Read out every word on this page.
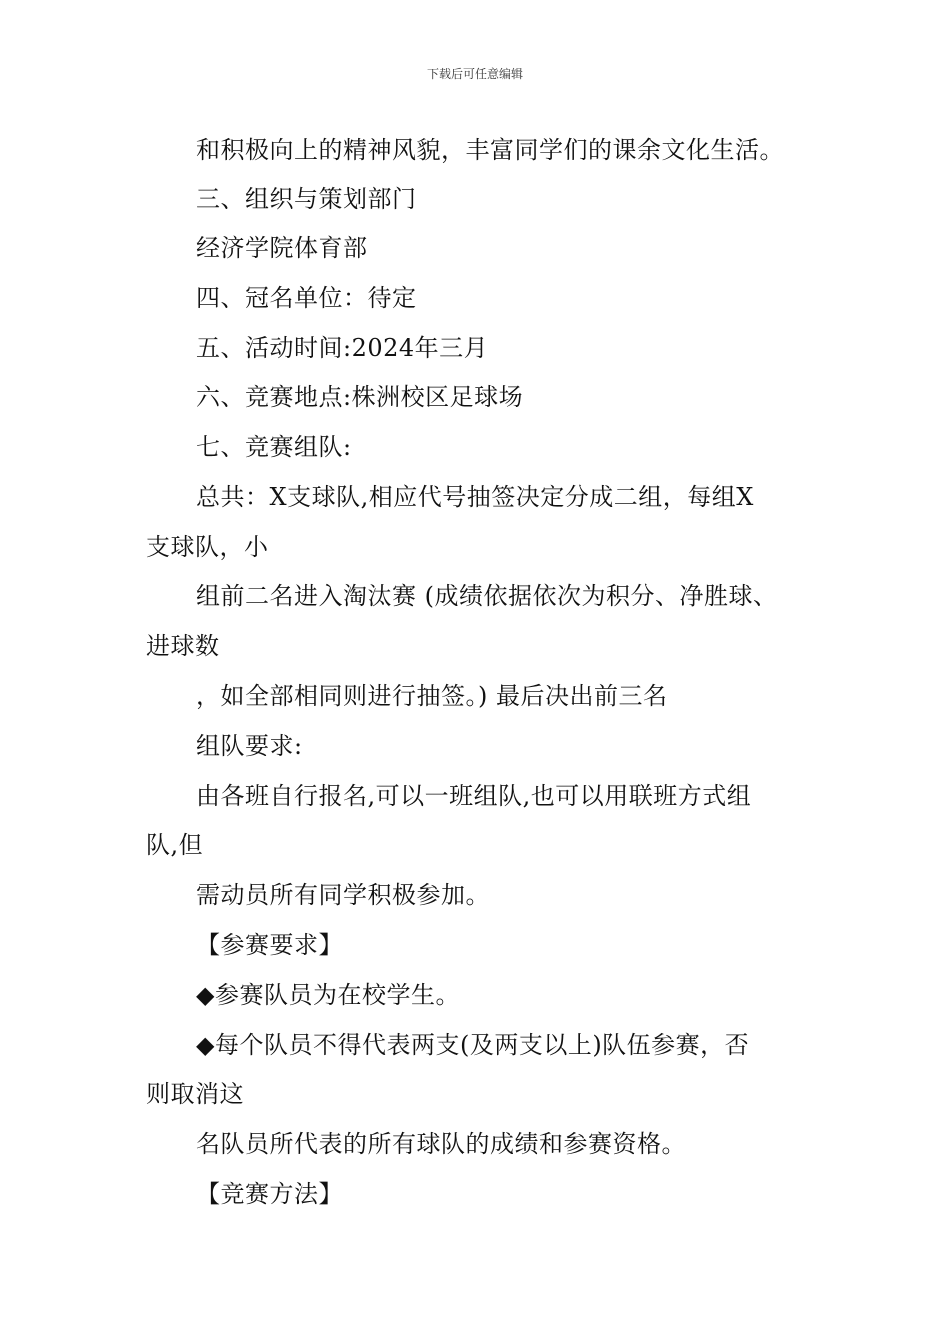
下载后可任意编辑
和积极向上的精神风貌，丰富同学们的课余文化生活。
三、组织与策划部门
经济学院体育部
四、冠名单位：待定
五、活动时间:2024年三月
六、竞赛地点:株洲校区足球场
七、竞赛组队:
总共：X支球队,相应代号抽签决定分成二组，每组X
支球队，小
组前二名进入淘汰赛 (成绩依据依次为积分、净胜球、
进球数
，如全部相同则进行抽签。) 最后决出前三名
组队要求:
由各班自行报名,可以一班组队,也可以用联班方式组
队,但
需动员所有同学积极参加。
【参赛要求】
◆参赛队员为在校学生。
◆每个队员不得代表两支(及两支以上)队伍参赛，否
则取消这
名队员所代表的所有球队的成绩和参赛资格。
【竞赛方法】
